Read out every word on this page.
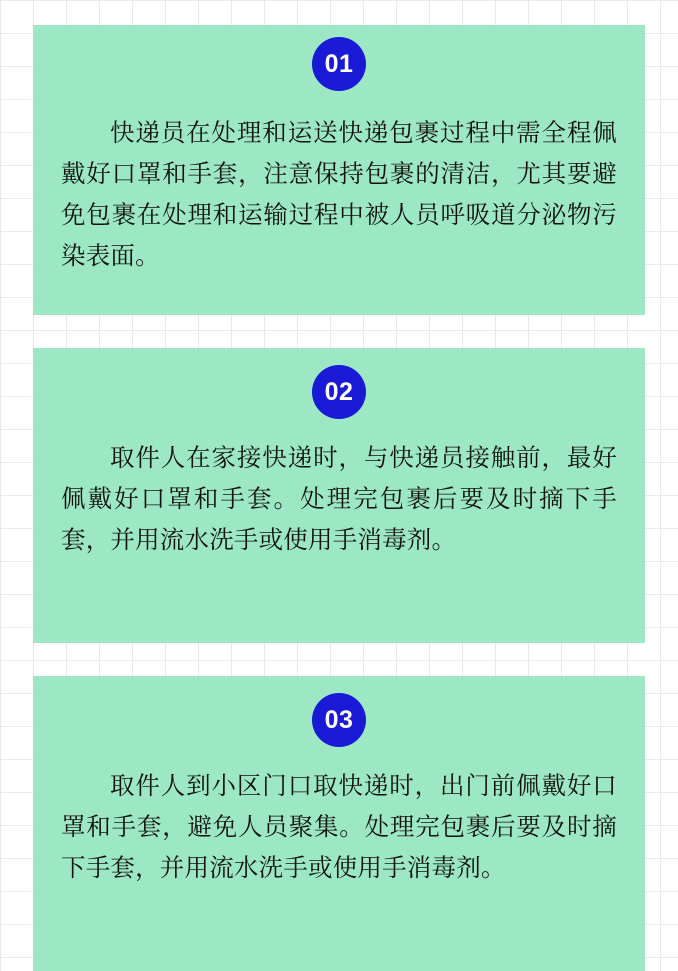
01

快递员在处理和运送快递包裹过程中需全程佩戴好口罩和手套，注意保持包裹的清洁，尤其要避免包裹在处理和运输过程中被人员呼吸道分泌物污染表面。

02

取件人在家接快递时，与快递员接触前，最好佩戴好口罩和手套。处理完包裹后要及时摘下手套，并用流水洗手或使用手消毒剂。

03

取件人到小区门口取快递时，出门前佩戴好口罩和手套，避免人员聚集。处理完包裹后要及时摘下手套，并用流水洗手或使用手消毒剂。
